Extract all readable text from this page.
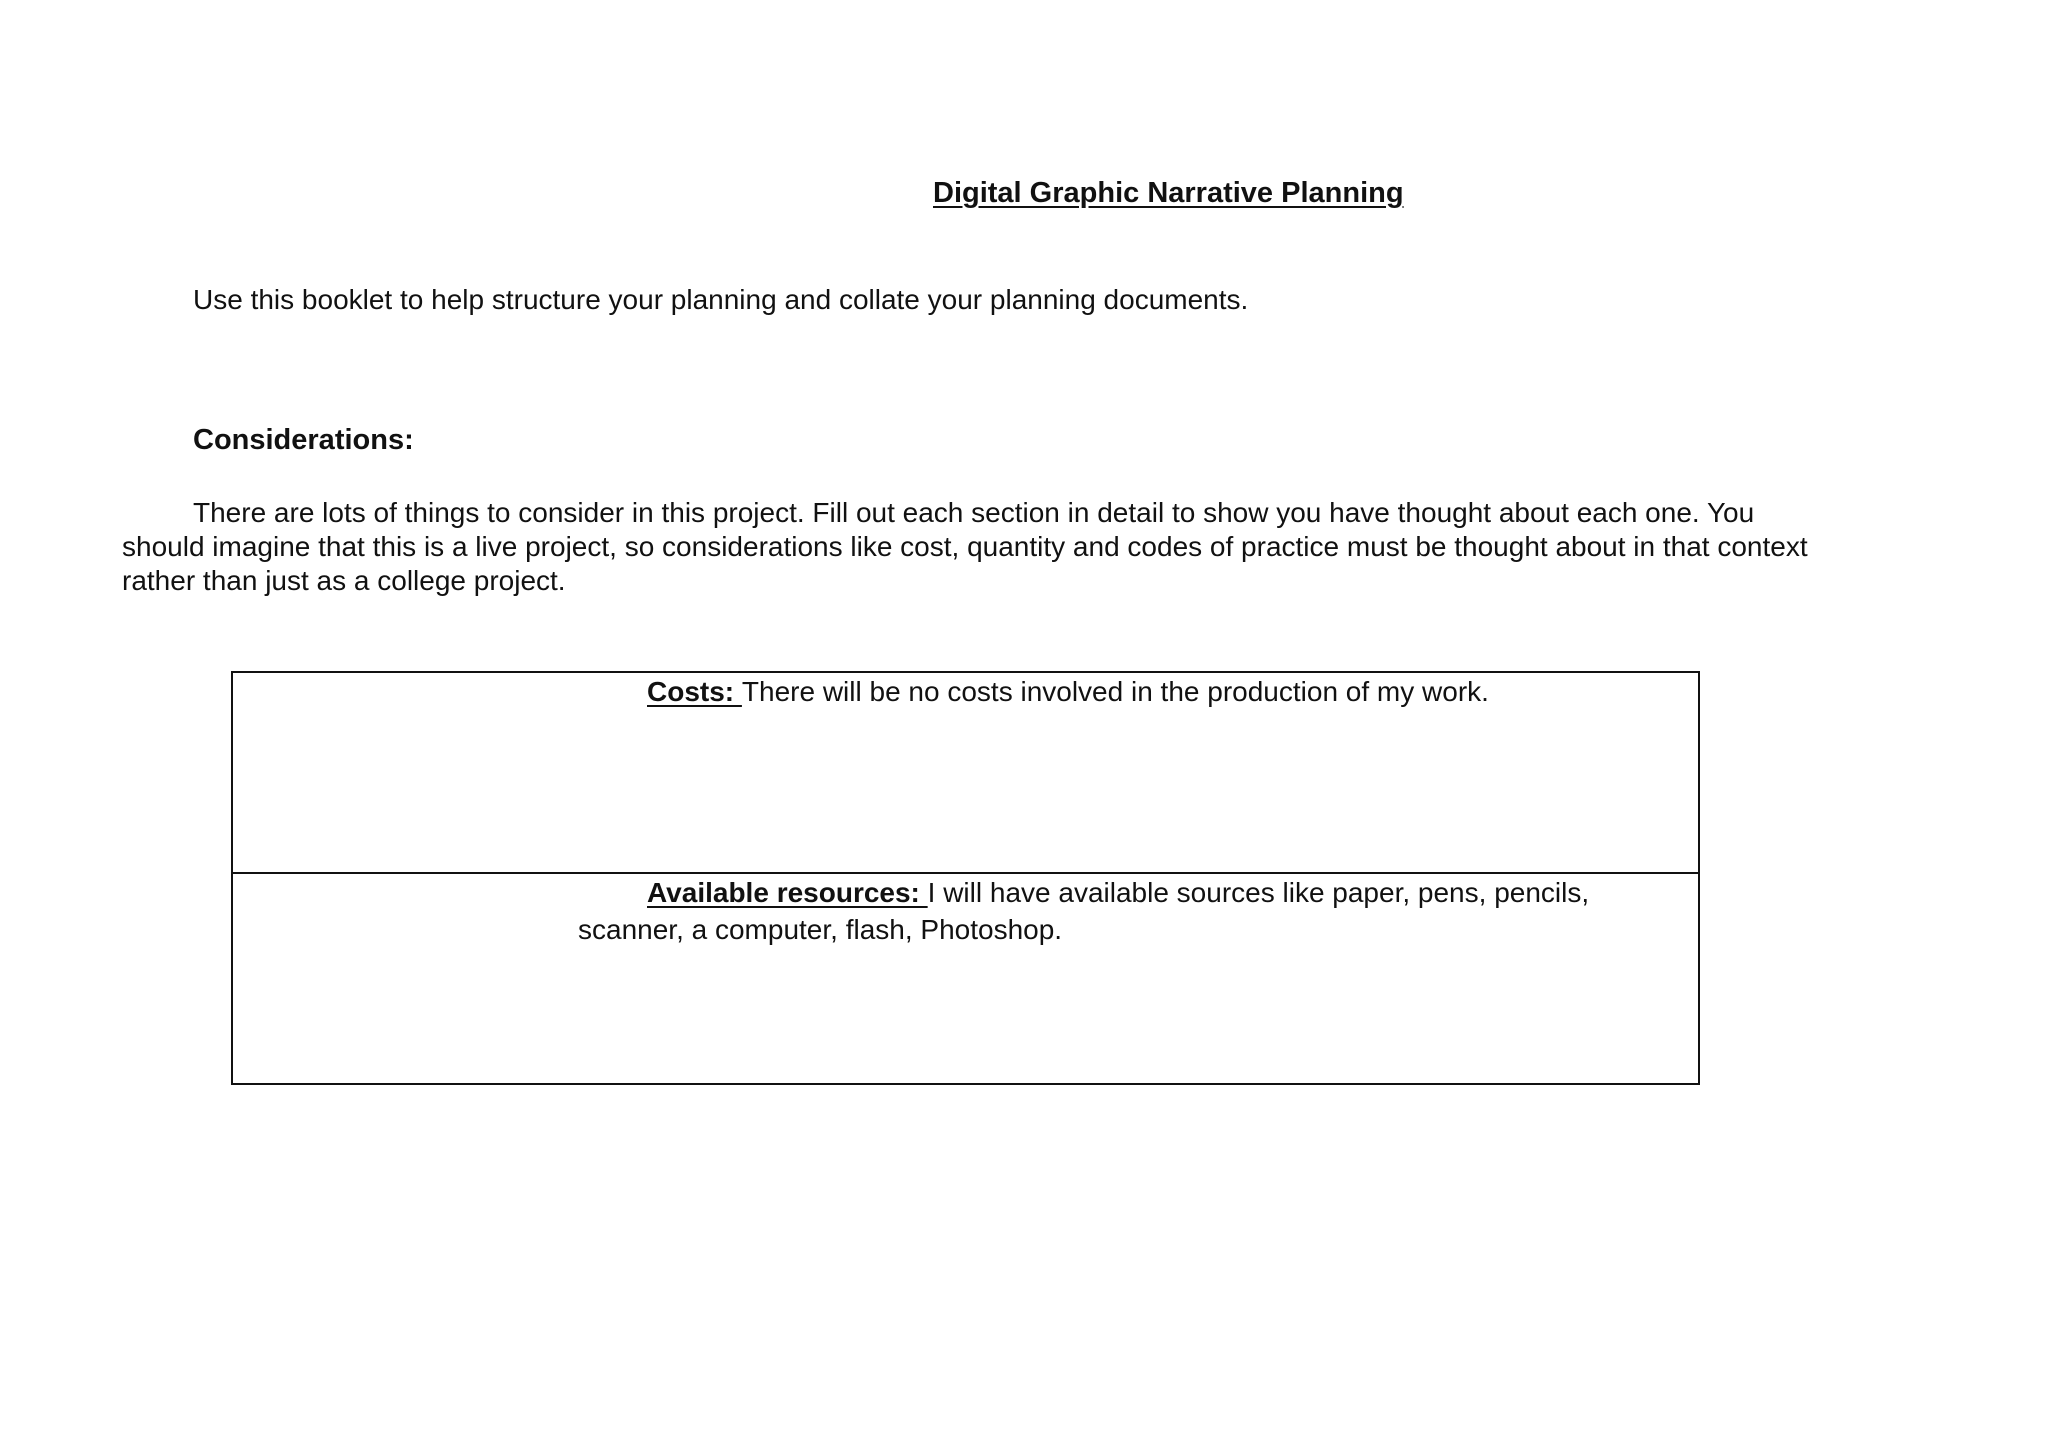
Digital Graphic Narrative Planning

Use this booklet to help structure your planning and collate your planning documents.

Considerations:

There are lots of things to consider in this project. Fill out each section in detail to show you have thought about each one. You should imagine that this is a live project, so considerations like cost, quantity and codes of practice must be thought about in that context rather than just as a college project.

Costs: There will be no costs involved in the production of my work.
Available resources: I will have available sources like paper, pens, pencils, scanner, a computer, flash, Photoshop.
